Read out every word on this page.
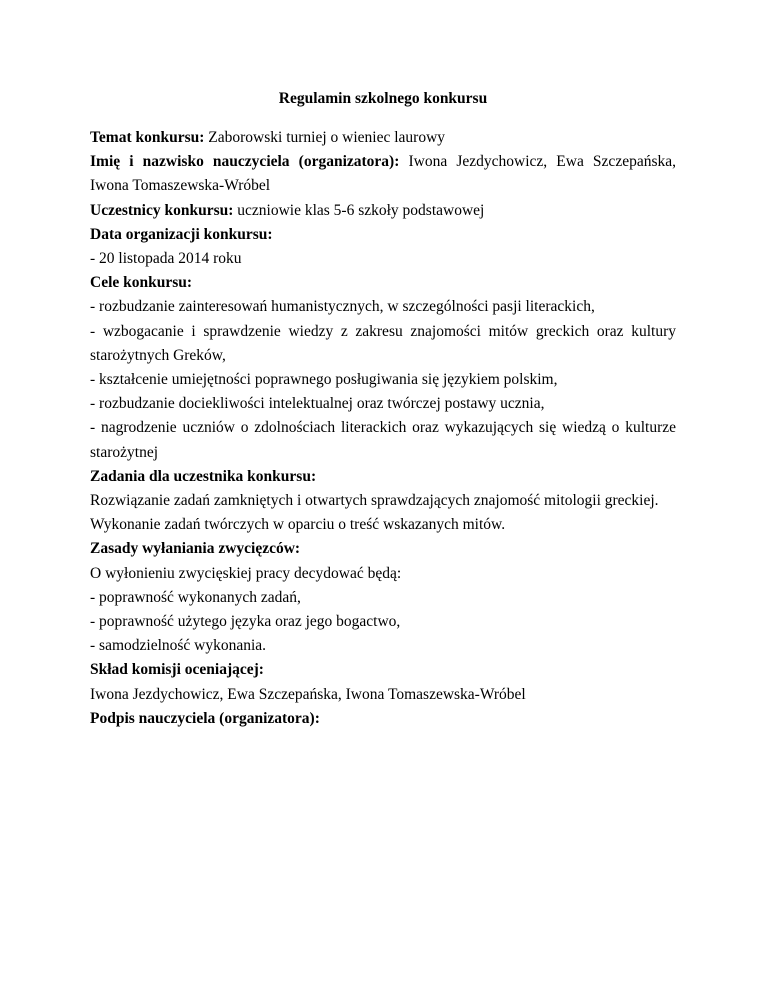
Regulamin szkolnego konkursu

Temat konkursu: Zaborowski turniej o wieniec laurowy

Imię i nazwisko nauczyciela (organizatora): Iwona Jezdychowicz, Ewa Szczepańska,

Iwona Tomaszewska-Wróbel

Uczestnicy konkursu: uczniowie klas 5-6 szkoły podstawowej

Data organizacji konkursu:

- 20 listopada 2014 roku

Cele konkursu:

- rozbudzanie zainteresowań humanistycznych, w szczególności pasji literackich,

- wzbogacanie i sprawdzenie wiedzy z zakresu znajomości mitów greckich oraz kultury

starożytnych Greków,

- kształcenie umiejętności poprawnego posługiwania się językiem polskim,

- rozbudzanie dociekliwości intelektualnej oraz twórczej postawy ucznia,

- nagrodzenie uczniów o zdolnościach literackich oraz wykazujących się wiedzą o kulturze

starożytnej

Zadania dla uczestnika konkursu:

Rozwiązanie zadań zamkniętych i otwartych sprawdzających znajomość mitologii greckiej.

Wykonanie zadań twórczych w oparciu o treść wskazanych mitów.

Zasady wyłaniania zwycięzców:

O wyłonieniu zwycięskiej pracy decydować będą:

- poprawność wykonanych zadań,

- poprawność użytego języka oraz jego bogactwo,

- samodzielność wykonania.

Skład komisji oceniającej:

Iwona Jezdychowicz, Ewa Szczepańska, Iwona Tomaszewska-Wróbel

Podpis nauczyciela (organizatora):
